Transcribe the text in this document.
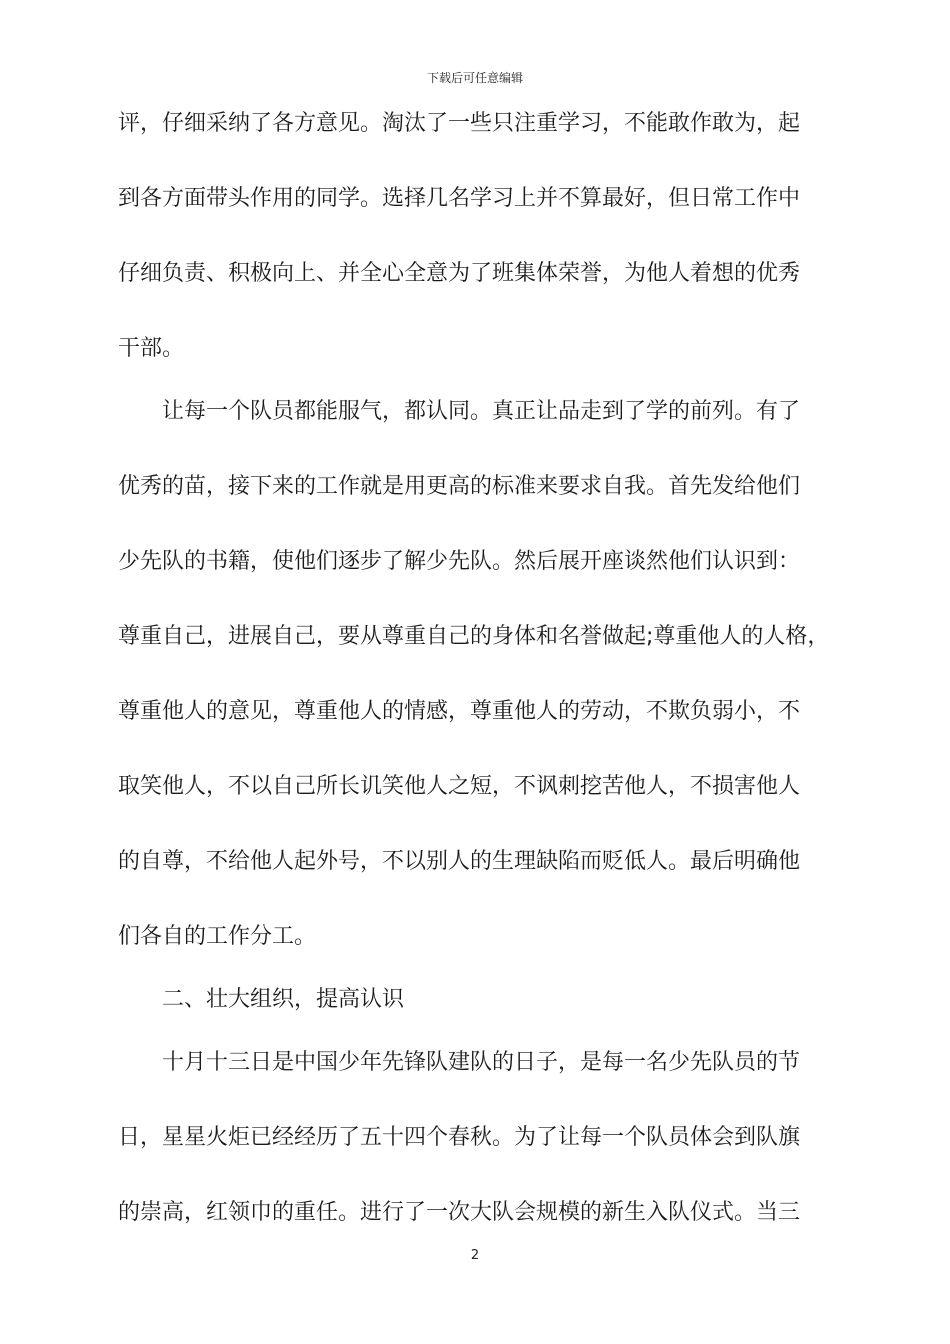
下载后可任意编辑
评，仔细采纳了各方意见。淘汰了一些只注重学习，不能敢作敢为，起
到各方面带头作用的同学。选择几名学习上并不算最好，但日常工作中
仔细负责、积极向上、并全心全意为了班集体荣誉，为他人着想的优秀
干部。
让每一个队员都能服气，都认同。真正让品走到了学的前列。有了
优秀的苗，接下来的工作就是用更高的标准来要求自我。首先发给他们
少先队的书籍，使他们逐步了解少先队。然后展开座谈然他们认识到：
尊重自己，进展自己，要从尊重自己的身体和名誉做起;尊重他人的人格，
尊重他人的意见，尊重他人的情感，尊重他人的劳动，不欺负弱小，不
取笑他人，不以自己所长讥笑他人之短，不讽刺挖苦他人，不损害他人
的自尊，不给他人起外号，不以别人的生理缺陷而贬低人。最后明确他
们各自的工作分工。
二、壮大组织，提高认识
十月十三日是中国少年先锋队建队的日子，是每一名少先队员的节
日，星星火炬已经经历了五十四个春秋。为了让每一个队员体会到队旗
的崇高，红领巾的重任。进行了一次大队会规模的新生入队仪式。当三
2
